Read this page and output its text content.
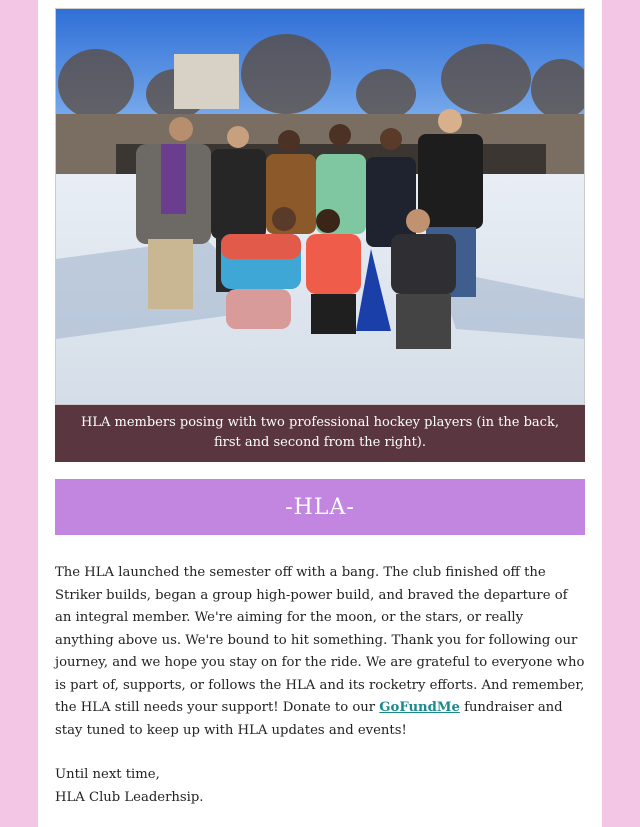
HLA members posing with two professional hockey players (in the back, first and second from the right).
-HLA-

The HLA launched the semester off with a bang. The club finished off the Striker builds, began a group high-power build, and braved the departure of an integral member. We're aiming for the moon, or the stars, or really anything above us. We're bound to hit something. Thank you for following our journey, and we hope you stay on for the ride. We are grateful to everyone who is part of, supports, or follows the HLA and its rocketry efforts. And remember, the HLA still needs your support! Donate to our GoFundMe fundraiser and stay tuned to keep up with HLA updates and events!

Until next time,

HLA Club Leaderhsip.
